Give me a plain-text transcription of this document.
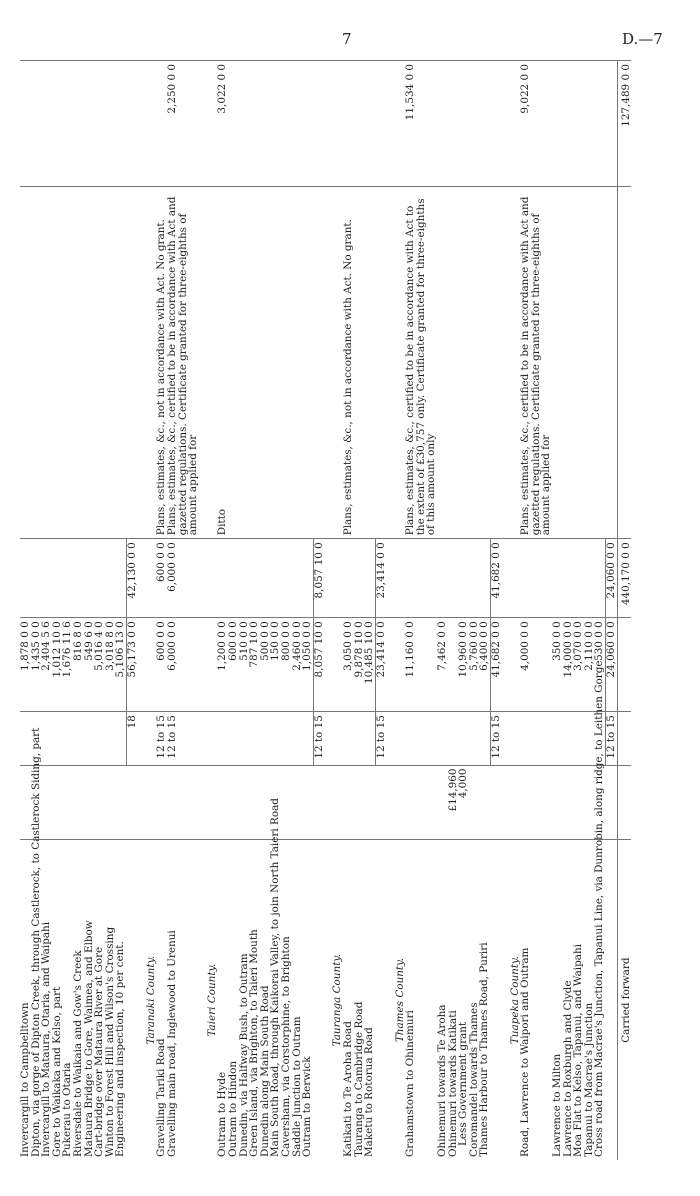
7	D.—7
Invercargill to Campbelltown			1,878 0 0			
Dipton, via gorge of Dipton Creek, through Castlerock, to Castlerock Siding, part			1,435 0 0			
Invercargill to Mataura, Otaria, and Waipahi			2,404 5 6			
Gore to Waikaka and Kelso, part			1,012 10 0			
Pukerau to Otaria			1,676 11 6			
Riversdale to Waikaia and Gow's Creek			816 8 0			
Mataura Bridge to Gore, Waimea, and Elbow			549 6 0			
Cart-bridge over Mataura River at Gore			5,016 4 0			
Winton to Forest Hill and Wilson's Crossing			3,018 8 0			
Engineering and inspection, 10 per cent.			5,106 13 0			
		18	56,173 0 0	42,130 0 0		
Taranaki County.						
Gravelling Tariki Road		12 to 15	600 0 0	600 0 0	Plans, estimates, &c., not in accordance with Act. No grant.	
Gravelling main road, Inglewood to Urenui		12 to 15	6,000 0 0	6,000 0 0	Plans, estimates, &c., certified to be in accordance with Act and gazetted regulations. Certificate granted for three-eighths of amount applied for	2,250 0 0
Taieri County.						
Outram to Hyde			1,200 0 0		Ditto	3,022 0 0
Outram to Hindon			600 0 0			
Dunedin, via Halfway Bush, to Outram			510 0 0			
Green Island, via Brighton, to Taieri Mouth			787 10 0			
Dunedin along Main South Road			500 0 0			
Main South Road, through Kaikorai Valley, to join North Taieri Road			150 0 0			
Caversham, via Corstorphine, to Brighton			800 0 0			
Saddle Junction to Outram			2,460 0 0			
Outram to Berwick			1,050 0 0			
		12 to 15	8,057 10 0	8,057 10 0		
Tauranga County.						
Katikati to Te Aroha Road			3,050 0 0		Plans, estimates, &c., not in accordance with Act. No grant.	
Tauranga to Cambridge Road			9,878 10 0			
Maketu to Rotorua Road			10,485 10 0			
		12 to 15	23,414 0 0	23,414 0 0		
Thames County.						
Grahamstown to Ohinemuri			11,160 0 0		Plans, estimates, &c., certified to be in accordance with Act to the extent of £30,757 only. Certificate granted for three-eighths of this amount only	11,534 0 0
Ohinemuri towards Te Aroha			7,462 0 0			
Ohinemuri towards Katikati	£14,960					
Less Government grant	4,000		10,960 0 0			
Coromandel towards Thames			5,760 0 0			
Thames Harbour to Thames Road, Puriri			6,400 0 0			
		12 to 15	41,682 0 0	41,682 0 0		
Tuapeka County.						
Road, Lawrence to Waipori and Outram			4,000 0 0		Plans, estimates, &c., certified to be in accordance with Act and gazetted regulations. Certificate granted for three-eighths of amount applied for	9,022 0 0
Lawrence to Milton			350 0 0			
Lawrence to Roxburgh and Clyde			14,000 0 0			
Moa Flat to Kelso, Tapanui, and Waipahi			3,070 0 0			
Tapanui to Macrae's Junction			2,110 0 0			
Cross road from Macrae's Junction, Tapanui Line, via Dunrobin, along ridge, to Leithen Gorge			530 0 0			
		12 to 15	24,060 0 0	24,060 0 0		
Carried forward				440,170 0 0		127,489 0 0
